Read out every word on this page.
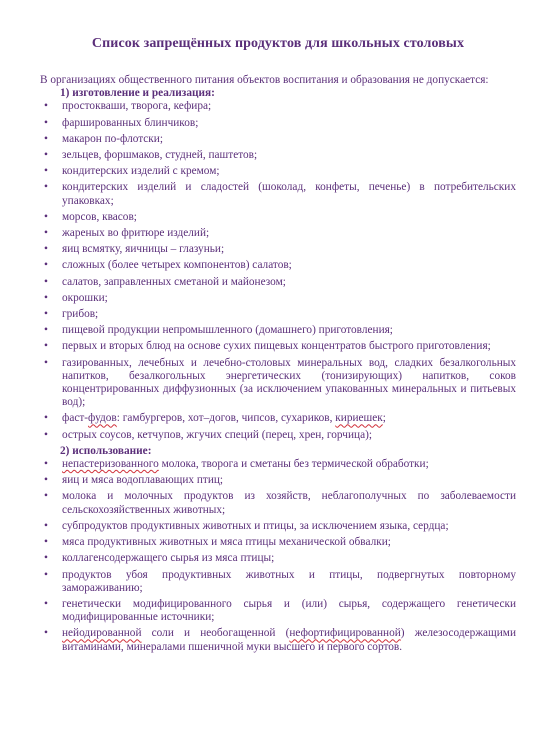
Список запрещённых продуктов для школьных столовых

В организациях общественного питания объектов воспитания и образования не допускается:

1) изготовление и реализация:

• простокваши, творога, кефира;
• фаршированных блинчиков;
• макарон по-флотски;
• зельцев, форшмаков, студней, паштетов;
• кондитерских изделий с кремом;
• кондитерских изделий и сладостей (шоколад, конфеты, печенье) в потребительских упаковках;
• морсов, квасов;
• жареных во фритюре изделий;
• яиц всмятку, яичницы – глазуньи;
• сложных (более четырех компонентов) салатов;
• салатов, заправленных сметаной и майонезом;
• окрошки;
• грибов;
• пищевой продукции непромышленного (домашнего) приготовления;
• первых и вторых блюд на основе сухих пищевых концентратов быстрого приготовления;
• газированных, лечебных и лечебно-столовых минеральных вод, сладких безалкогольных напитков, безалкогольных энергетических (тонизирующих) напитков, соков концентрированных диффузионных (за исключением упакованных минеральных и питьевых вод);
• фаст-фудов: гамбургеров, хот–догов, чипсов, сухариков, кириешек;
• острых соусов, кетчупов, жгучих специй (перец, хрен, горчица);

2) использование:

• непастеризованного молока, творога и сметаны без термической обработки;
• яиц и мяса водоплавающих птиц;
• молока и молочных продуктов из хозяйств, неблагополучных по заболеваемости сельскохозяйственных животных;
• субпродуктов продуктивных животных и птицы, за исключением языка, сердца;
• мяса продуктивных животных и мяса птицы механической обвалки;
• коллагенсодержащего сырья из мяса птицы;
• продуктов убоя продуктивных животных и птицы, подвергнутых повторному замораживанию;
• генетически модифицированного сырья и (или) сырья, содержащего генетически модифицированные источники;
• нейодированной соли и необогащенной (нефортифицированной) железосодержащими витаминами, минералами пшеничной муки высшего и первого сортов.
